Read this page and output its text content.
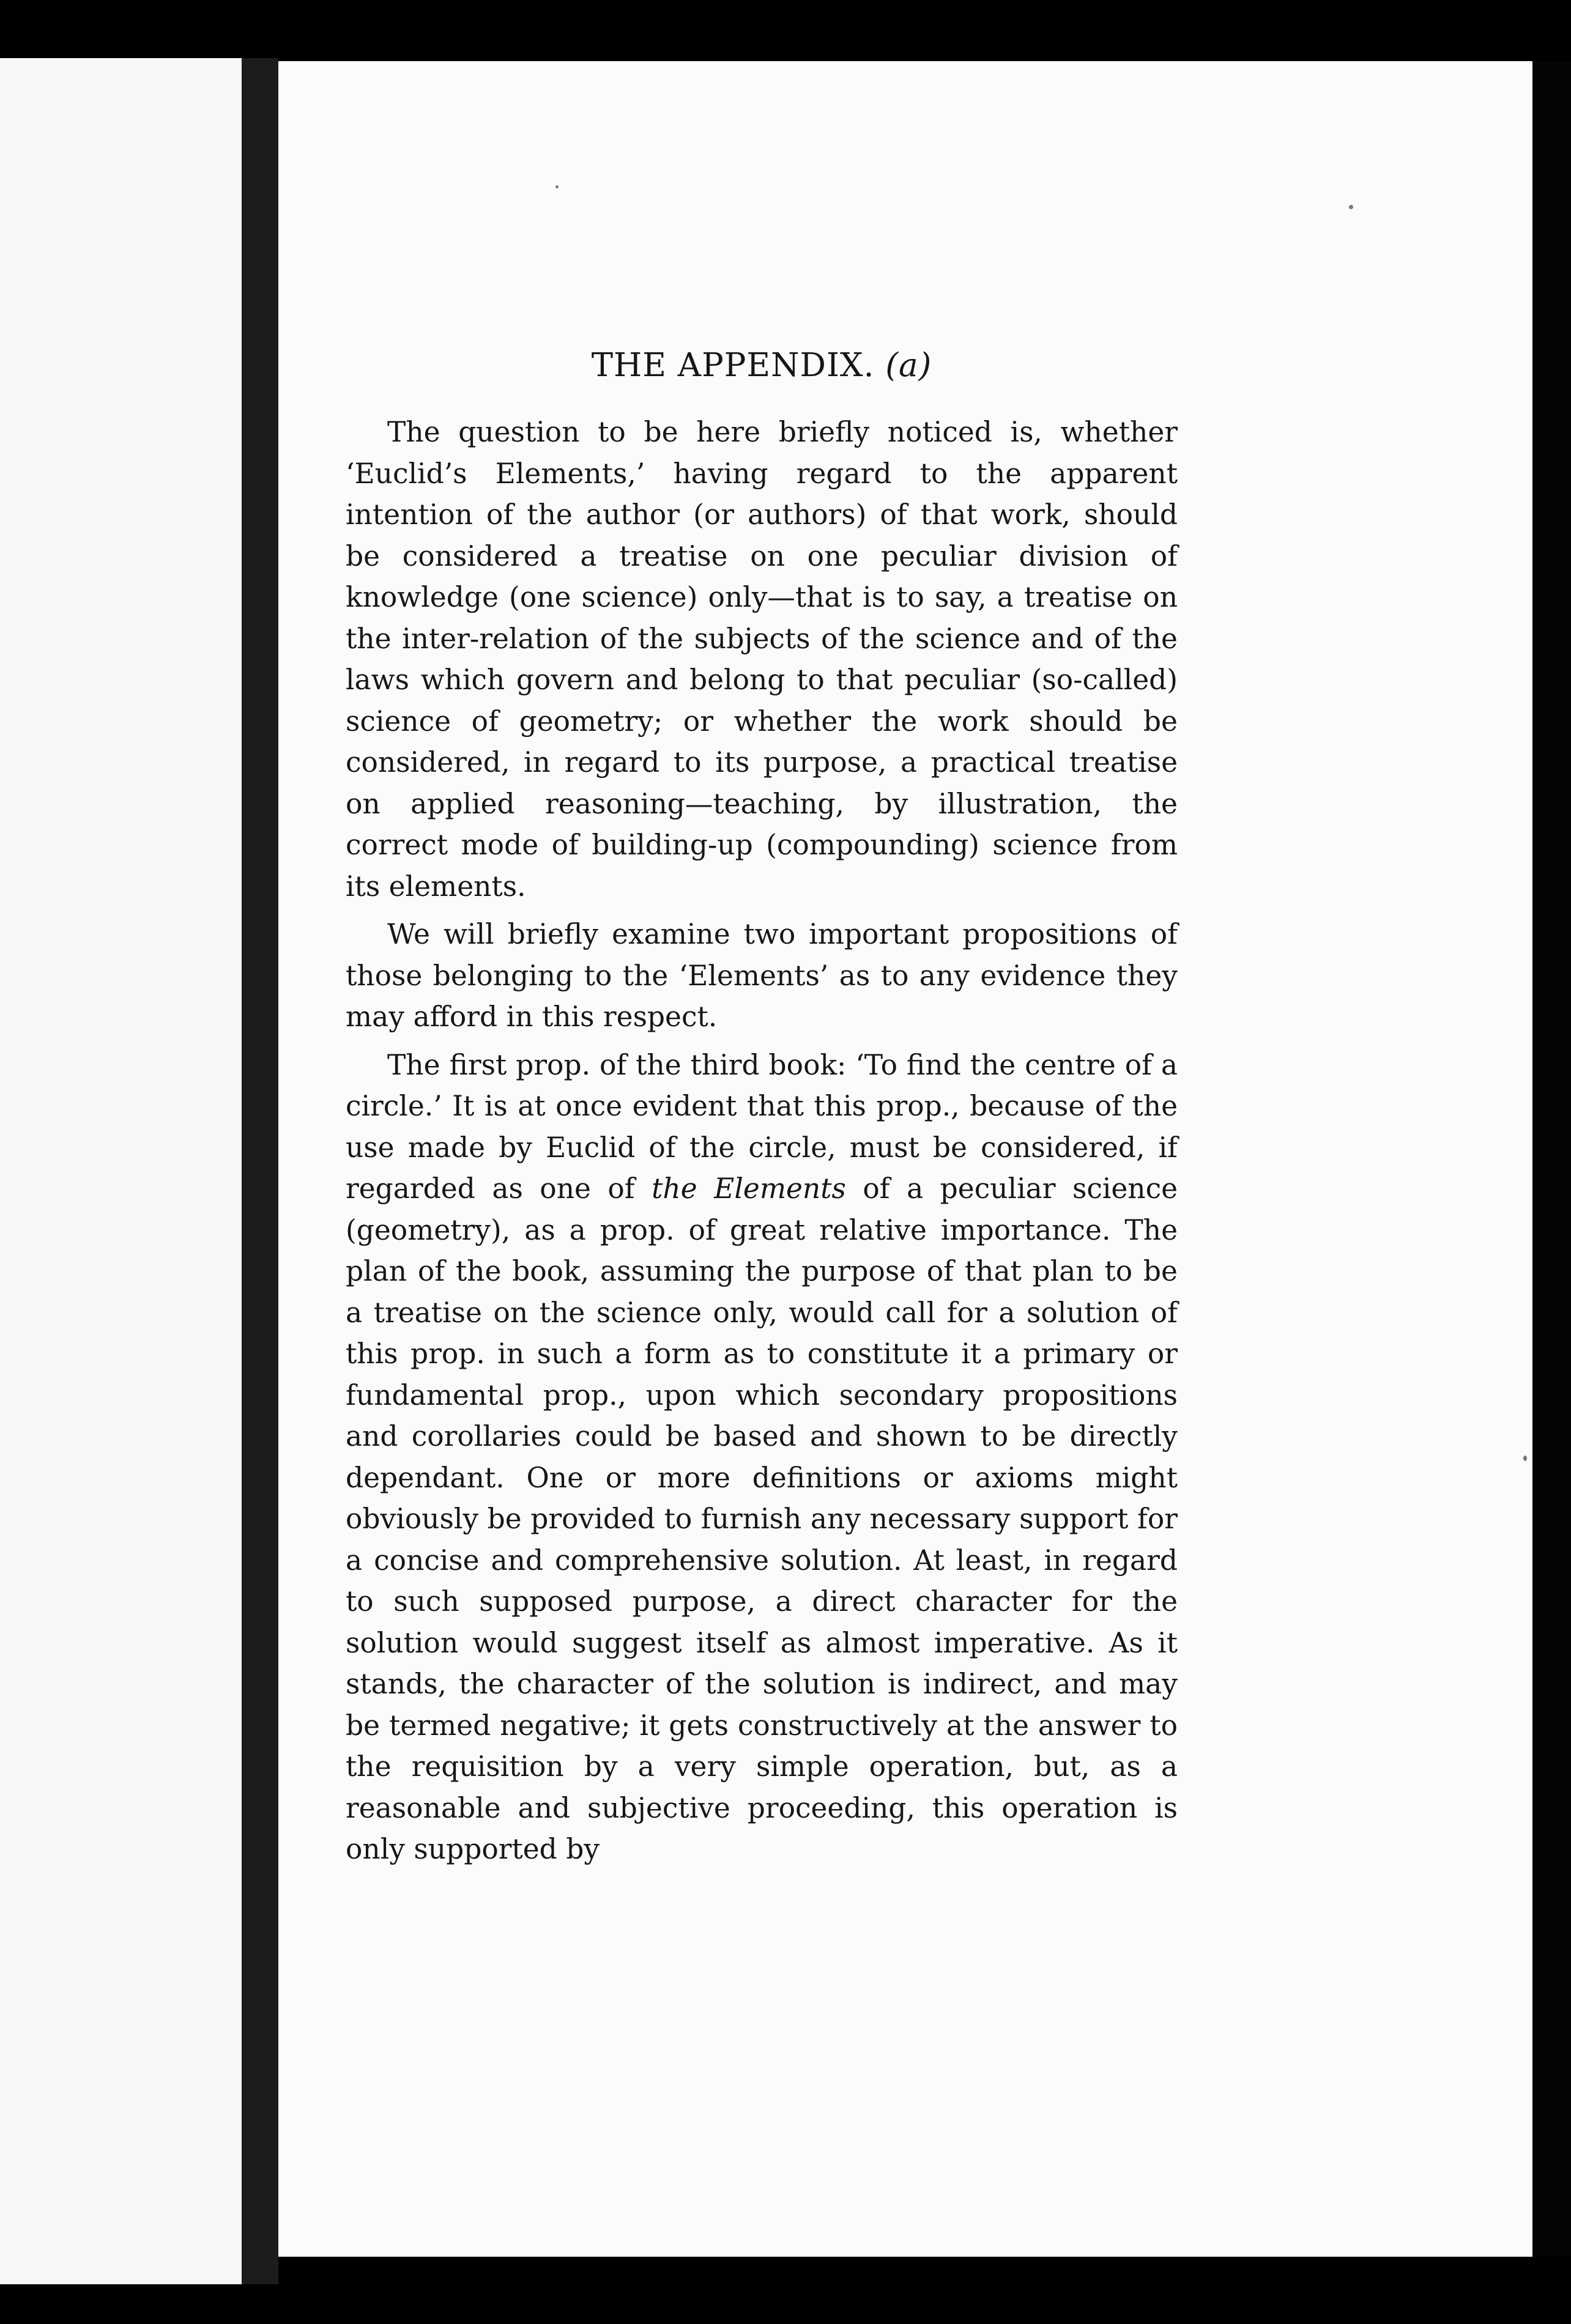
THE APPENDIX. (a)

The question to be here briefly noticed is, whether ‘Euclid’s Elements,’ having regard to the apparent intention of the author (or authors) of that work, should be considered a treatise on one peculiar division of knowledge (one science) only—that is to say, a treatise on the inter-relation of the subjects of the science and of the laws which govern and belong to that peculiar (so-called) science of geometry; or whether the work should be considered, in regard to its purpose, a practical treatise on applied reasoning—teaching, by illustration, the correct mode of building-up (compounding) science from its elements.

We will briefly examine two important propositions of those belonging to the ‘Elements’ as to any evidence they may afford in this respect.

The first prop. of the third book: ‘To find the centre of a circle.’ It is at once evident that this prop., because of the use made by Euclid of the circle, must be considered, if regarded as one of the Elements of a peculiar science (geometry), as a prop. of great relative importance. The plan of the book, assuming the purpose of that plan to be a treatise on the science only, would call for a solution of this prop. in such a form as to constitute it a primary or fundamental prop., upon which secondary propositions and corollaries could be based and shown to be directly dependant. One or more definitions or axioms might obviously be provided to furnish any necessary support for a concise and comprehensive solution. At least, in regard to such supposed purpose, a direct character for the solution would suggest itself as almost imperative. As it stands, the character of the solution is indirect, and may be termed negative; it gets constructively at the answer to the requisition by a very simple operation, but, as a reasonable and subjective proceeding, this operation is only supported by
